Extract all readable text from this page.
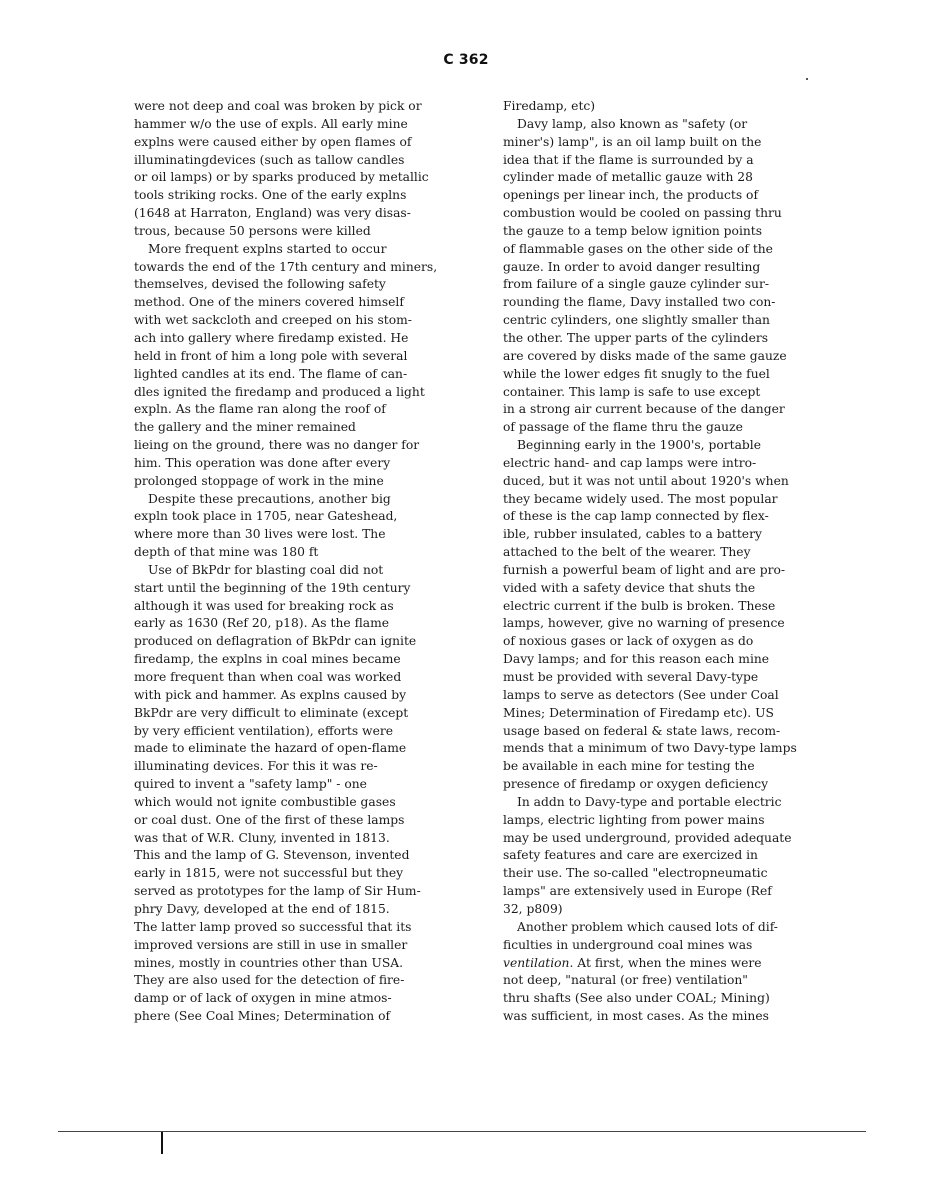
C 362
were not deep and coal was broken by pick or
hammer w/o the use of expls. All early mine
explns were caused either by open flames of
illuminatingdevices (such as tallow candles
or oil lamps) or by sparks produced by metallic
tools striking rocks. One of the early explns
(1648 at Harraton, England) was very disas-
trous, because 50 persons were killed
More frequent explns started to occur
towards the end of the 17th century and miners,
themselves, devised the following safety
method. One of the miners covered himself
with wet sackcloth and creeped on his stom-
ach into gallery where firedamp existed. He
held in front of him a long pole with several
lighted candles at its end. The flame of can-
dles ignited the firedamp and produced a light
expln. As the flame ran along the roof of
the gallery and the miner remained
lieing on the ground, there was no danger for
him. This operation was done after every
prolonged stoppage of work in the mine
Despite these precautions, another big
expln took place in 1705, near Gateshead,
where more than 30 lives were lost. The
depth of that mine was 180 ft
Use of BkPdr for blasting coal did not
start until the beginning of the 19th century
although it was used for breaking rock as
early as 1630 (Ref 20, p18). As the flame
produced on deflagration of BkPdr can ignite
firedamp, the explns in coal mines became
more frequent than when coal was worked
with pick and hammer. As explns caused by
BkPdr are very difficult to eliminate (except
by very efficient ventilation), efforts were
made to eliminate the hazard of open-flame
illuminating devices. For this it was re-
quired to invent a "safety lamp" - one
which would not ignite combustible gases
or coal dust. One of the first of these lamps
was that of W.R. Cluny, invented in 1813.
This and the lamp of G. Stevenson, invented
early in 1815, were not successful but they
served as prototypes for the lamp of Sir Hum-
phry Davy, developed at the end of 1815.
The latter lamp proved so successful that its
improved versions are still in use in smaller
mines, mostly in countries other than USA.
They are also used for the detection of fire-
damp or of lack of oxygen in mine atmos-
phere (See Coal Mines; Determination of
Firedamp, etc)
Davy lamp, also known as "safety (or
miner's) lamp", is an oil lamp built on the
idea that if the flame is surrounded by a
cylinder made of metallic gauze with 28
openings per linear inch, the products of
combustion would be cooled on passing thru
the gauze to a temp below ignition points
of flammable gases on the other side of the
gauze. In order to avoid danger resulting
from failure of a single gauze cylinder sur-
rounding the flame, Davy installed two con-
centric cylinders, one slightly smaller than
the other. The upper parts of the cylinders
are covered by disks made of the same gauze
while the lower edges fit snugly to the fuel
container. This lamp is safe to use except
in a strong air current because of the danger
of passage of the flame thru the gauze
Beginning early in the 1900's, portable
electric hand- and cap lamps were intro-
duced, but it was not until about 1920's when
they became widely used. The most popular
of these is the cap lamp connected by flex-
ible, rubber insulated, cables to a battery
attached to the belt of the wearer. They
furnish a powerful beam of light and are pro-
vided with a safety device that shuts the
electric current if the bulb is broken. These
lamps, however, give no warning of presence
of noxious gases or lack of oxygen as do
Davy lamps; and for this reason each mine
must be provided with several Davy-type
lamps to serve as detectors (See under Coal
Mines; Determination of Firedamp etc). US
usage based on federal & state laws, recom-
mends that a minimum of two Davy-type lamps
be available in each mine for testing the
presence of firedamp or oxygen deficiency
In addn to Davy-type and portable electric
lamps, electric lighting from power mains
may be used underground, provided adequate
safety features and care are exercized in
their use. The so-called "electropneumatic
lamps" are extensively used in Europe (Ref
32, p809)
Another problem which caused lots of dif-
ficulties in underground coal mines was
ventilation. At first, when the mines were
not deep, "natural (or free) ventilation"
thru shafts (See also under COAL; Mining)
was sufficient, in most cases. As the mines
